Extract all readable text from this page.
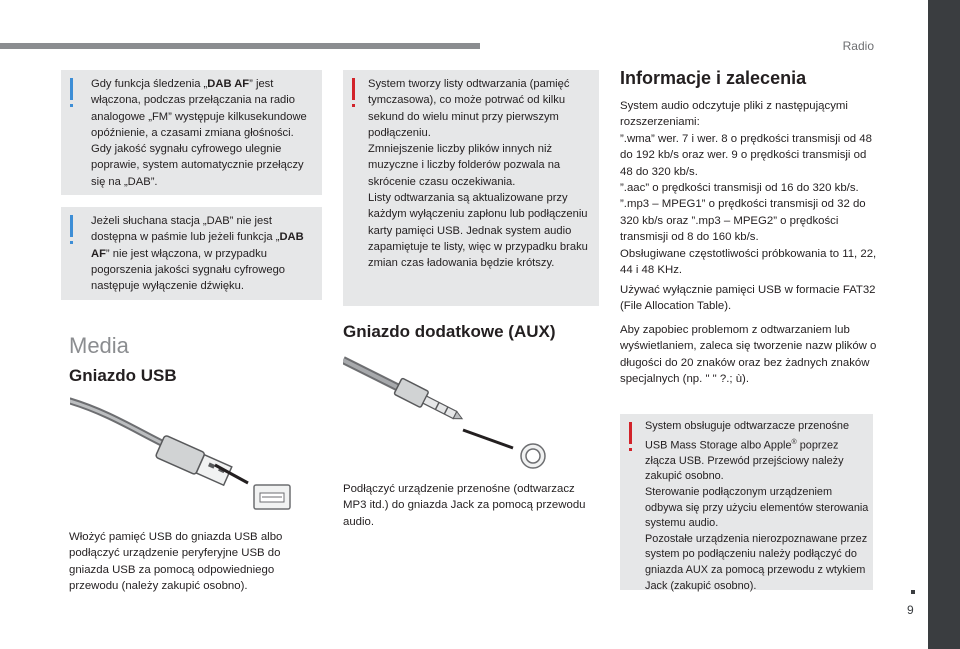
Radio
9

Gdy funkcja śledzenia „DAB AF” jest włączona, podczas przełączania na radio analogowe „FM” występuje kilkusekundowe opóźnienie, a czasami zmiana głośności.

Gdy jakość sygnału cyfrowego ulegnie poprawie, system automatycznie przełączy się na „DAB”.

Jeżeli słuchana stacja „DAB” nie jest dostępna w paśmie lub jeżeli funkcja „DAB AF” nie jest włączona, w przypadku pogorszenia jakości sygnału cyfrowego następuje wyłączenie dźwięku.

Media
Gniazdo USB

Włożyć pamięć USB do gniazda USB albo podłączyć urządzenie peryferyjne USB do gniazda USB za pomocą odpowiedniego przewodu (należy zakupić osobno).

System tworzy listy odtwarzania (pamięć tymczasowa), co może potrwać od kilku sekund do wielu minut przy pierwszym podłączeniu.

Zmniejszenie liczby plików innych niż muzyczne i liczby folderów pozwala na skrócenie czasu oczekiwania.

Listy odtwarzania są aktualizowane przy każdym wyłączeniu zapłonu lub podłączeniu karty pamięci USB. Jednak system audio zapamiętuje te listy, więc w przypadku braku zmian czas ładowania będzie krótszy.

Gniazdo dodatkowe (AUX)

Podłączyć urządzenie przenośne (odtwarzacz MP3 itd.) do gniazda Jack za pomocą przewodu audio.

Informacje i zalecenia

System audio odczytuje pliki z następującymi rozszerzeniami:

”.wma” wer. 7 i wer. 8 o prędkości transmisji od 48 do 192 kb/s oraz wer. 9 o prędkości transmisji od 48 do 320 kb/s.

”.aac” o prędkości transmisji od 16 do 320 kb/s.

”.mp3 – MPEG1” o prędkości transmisji od 32 do 320 kb/s oraz ”.mp3 – MPEG2” o prędkości transmisji od 8 do 160 kb/s.

Obsługiwane częstotliwości próbkowania to 11, 22, 44 i 48 KHz.

Używać wyłącznie pamięci USB w formacie FAT32 (File Allocation Table).

Aby zapobiec problemom z odtwarzaniem lub wyświetlaniem, zaleca się tworzenie nazw plików o długości do 20 znaków oraz bez żadnych znaków specjalnych (np. " " ?.; ù).

System obsługuje odtwarzacze przenośne USB Mass Storage albo Apple® poprzez złącza USB. Przewód przejściowy należy zakupić osobno.

Sterowanie podłączonym urządzeniem odbywa się przy użyciu elementów sterowania systemu audio.

Pozostałe urządzenia nierozpoznawane przez system po podłączeniu należy podłączyć do gniazda AUX za pomocą przewodu z wtykiem Jack (zakupić osobno).
